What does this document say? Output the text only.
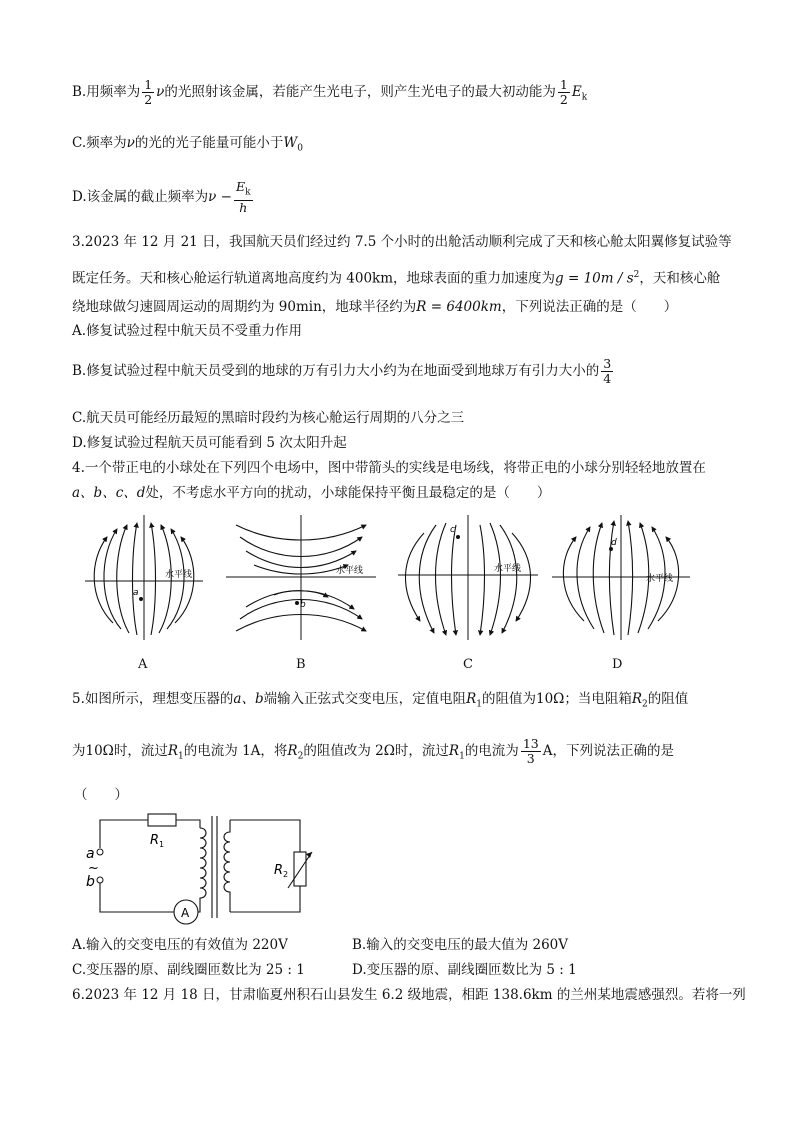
B.用频率为 $\frac{1}{2}$ ν的光照射该金属，若能产生光电子，则产生光电子的最大初动能为 $\frac{1}{2} E_k$
C.频率为ν的光的光子能量可能小于$W_0$
D.该金属的截止频率为$\nu - \frac{E_k}{h}$
3.2023 年 12 月 21 日，我国航天员们经过约 7.5 个小时的出舱活动顺利完成了天和核心舱太阳翼修复试验等
既定任务。天和核心舱运行轨道离地高度约为 400km，地球表面的重力加速度为$g = 10m / s^2$，天和核心舱
绕地球做匀速圆周运动的周期约为 90min，地球半径约为R = 6400km，下列说法正确的是（　　）
A.修复试验过程中航天员不受重力作用
B.修复试验过程中航天员受到的地球的万有引力大小约为在地面受到地球万有引力大小的 $\frac{3}{4}$
C.航天员可能经历最短的黑暗时段约为核心舱运行周期的八分之三
D.修复试验过程航天员可能看到 5 次太阳升起
4.一个带正电的小球处在下列四个电场中，图中带箭头的实线是电场线，将带正电的小球分别轻轻地放置在
a、b、c、d处，不考虑水平方向的扰动，小球能保持平衡且最稳定的是（　　）
a
水平线
b
水平线
c
水平线
d
水平线
A	B	C	D
5.如图所示，理想变压器的a、b端输入正弦式交变电压，定值电阻$R_1$的阻值为10Ω；当电阻箱$R_2$的阻值
为10Ω时，流过$R_1$的电流为 1A，将$R_2$的阻值改为 2Ω时，流过$R_1$的电流为 $\frac{13}{3}$ A，下列说法正确的是
（　　）
a
~
b
R 1
R 2
A
A.输入的交变电压的有效值为 220V	B.输入的交变电压的最大值为 260V
C.变压器的原、副线圈匝数比为 25 : 1	D.变压器的原、副线圈匝数比为 5 : 1
6.2023 年 12 月 18 日，甘肃临夏州积石山县发生 6.2 级地震，相距 138.6km 的兰州某地震感强烈。若将一列
